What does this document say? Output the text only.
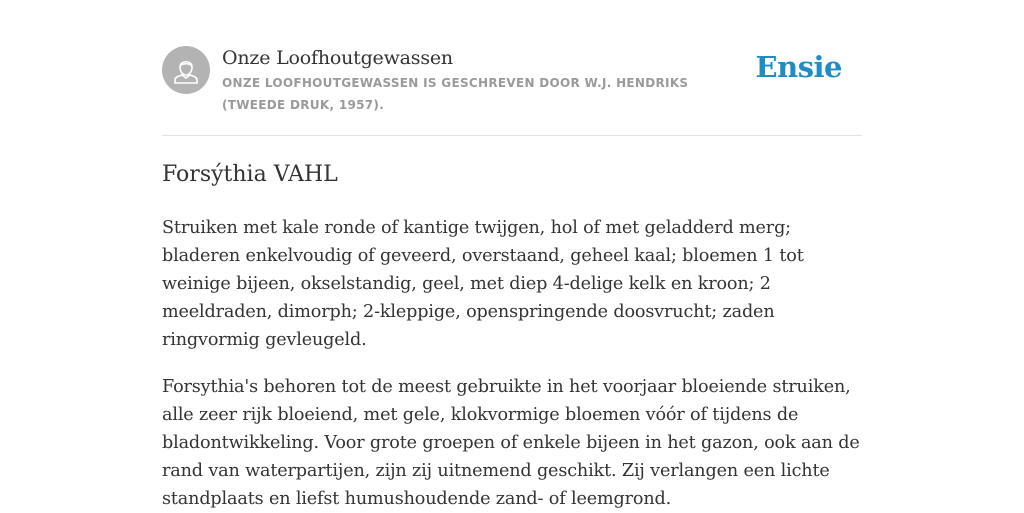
Onze Loofhoutgewassen

ONZE LOOFHOUTGEWASSEN IS GESCHREVEN DOOR W.J. HENDRIKS (TWEEDE DRUK, 1957).

Ensie
Forsýthia VAHL

Struiken met kale ronde of kantige twijgen, hol of met geladderd merg; bladeren enkelvoudig of geveerd, overstaand, geheel kaal; bloemen 1 tot weinige bijeen, okselstandig, geel, met diep 4-delige kelk en kroon; 2 meeldraden, dimorph; 2-kleppige, openspringende doosvrucht; zaden ringvormig gevleugeld.

Forsythia's behoren tot de meest gebruikte in het voorjaar bloeiende struiken, alle zeer rijk bloeiend, met gele, klokvormige bloemen vóór of tijdens de bladontwikkeling. Voor grote groepen of enkele bijeen in het gazon, ook aan de rand van waterpartijen, zijn zij uitnemend geschikt. Zij verlangen een lichte standplaats en liefst humushoudende zand- of leemgrond.
